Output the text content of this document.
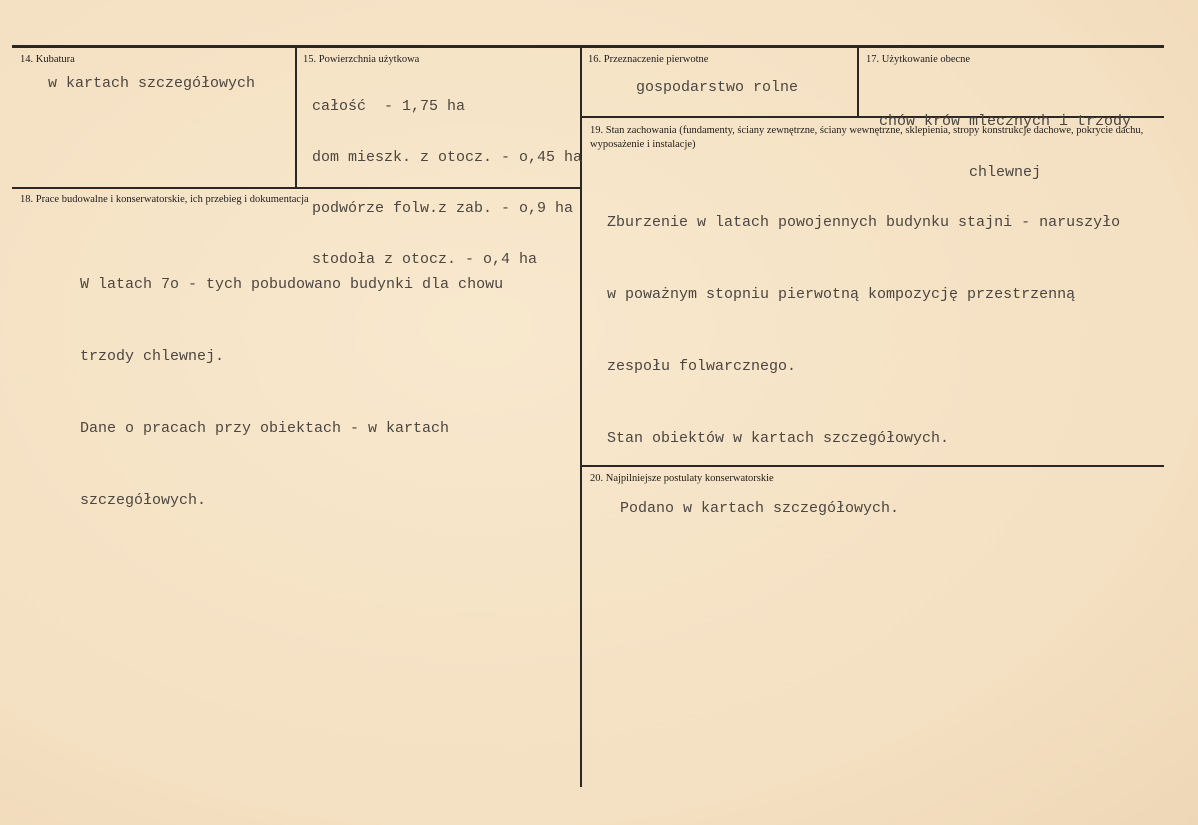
14. Kubatura
w kartach szczegółowych
15. Powierzchnia użytkowa

całość  - 1,75 ha

dom mieszk. z otocz. - o,45 ha

podwórze folw.z zab. - o,9 ha

stodoła z otocz. - o,4 ha

16. Przeznaczenie pierwotne
gospodarstwo rolne
17. Użytkowanie obecne

chów krów mlecznych i trzody

chlewnej

19. Stan zachowania (fundamenty, ściany zewnętrzne, ściany wewnętrzne, sklepienia, stropy konstrukcje dachowe, pokrycie dachu, wyposażenie i instalacje)

Zburzenie w latach powojennych budynku stajni - naruszyło

w poważnym stopniu pierwotną kompozycję przestrzenną

zespołu folwarcznego.

Stan obiektów w kartach szczegółowych.

18. Prace budowalne i konserwatorskie, ich przebieg i dokumentacja

W latach 7o - tych pobudowano budynki dla chowu

trzody chlewnej.

Dane o pracach przy obiektach - w kartach

szczegółowych.

20. Najpilniejsze postulaty konserwatorskie
Podano w kartach szczegółowych.
